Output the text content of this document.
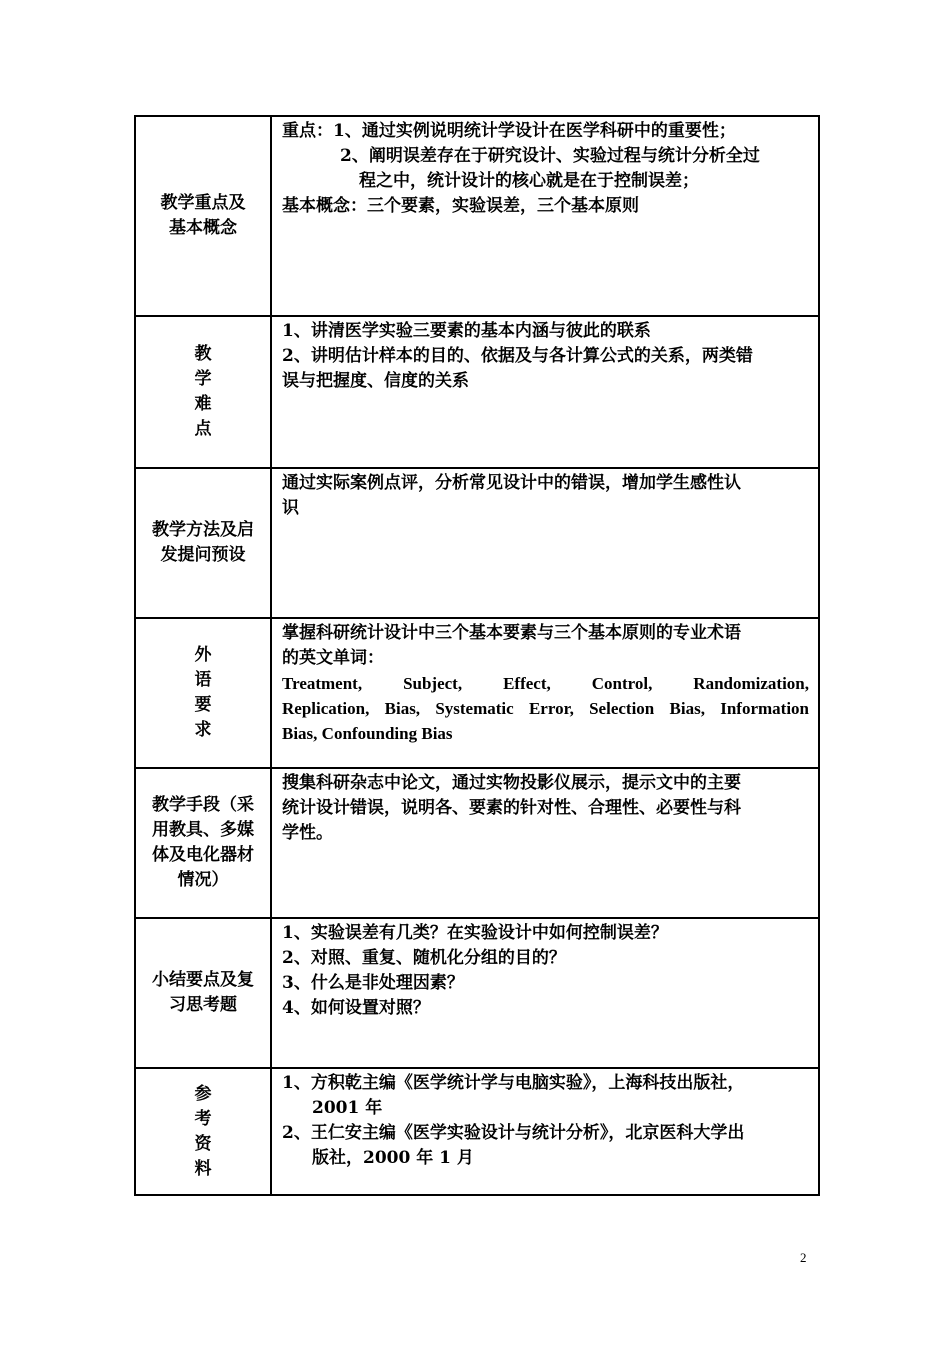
教学重点及
基本概念	重点：1、通过实例说明统计学设计在医学科研中的重要性；
2、阐明误差存在于研究设计、实验过程与统计分析全过
程之中，统计设计的核心就是在于控制误差；
基本概念：三个要素，实验误差，三个基本原则

教
学
难
点	1、讲清医学实验三要素的基本内涵与彼此的联系
2、讲明估计样本的目的、依据及与各计算公式的关系，两类错
误与把握度、信度的关系

教学方法及启
发提问预设	通过实际案例点评，分析常见设计中的错误，增加学生感性认
识

外
语
要
求	掌握科研统计设计中三个基本要素与三个基本原则的专业术语
的英文单词：
Treatment, Subject, Effect, Control, Randomization,
Replication, Bias, Systematic Error, Selection Bias, Information
Bias, Confounding Bias

教学手段（采
用教具、多媒
体及电化器材
情况）	搜集科研杂志中论文，通过实物投影仪展示，提示文中的主要
统计设计错误，说明各、要素的针对性、合理性、必要性与科
学性。

小结要点及复
习思考题	1、实验误差有几类？在实验设计中如何控制误差？
2、对照、重复、随机化分组的目的？
3、什么是非处理因素？
4、如何设置对照？

参
考
资
料	1、方积乾主编《医学统计学与电脑实验》，上海科技出版社，
2001 年
2、王仁安主编《医学实验设计与统计分析》，北京医科大学出
版社，2000 年 1 月
2
